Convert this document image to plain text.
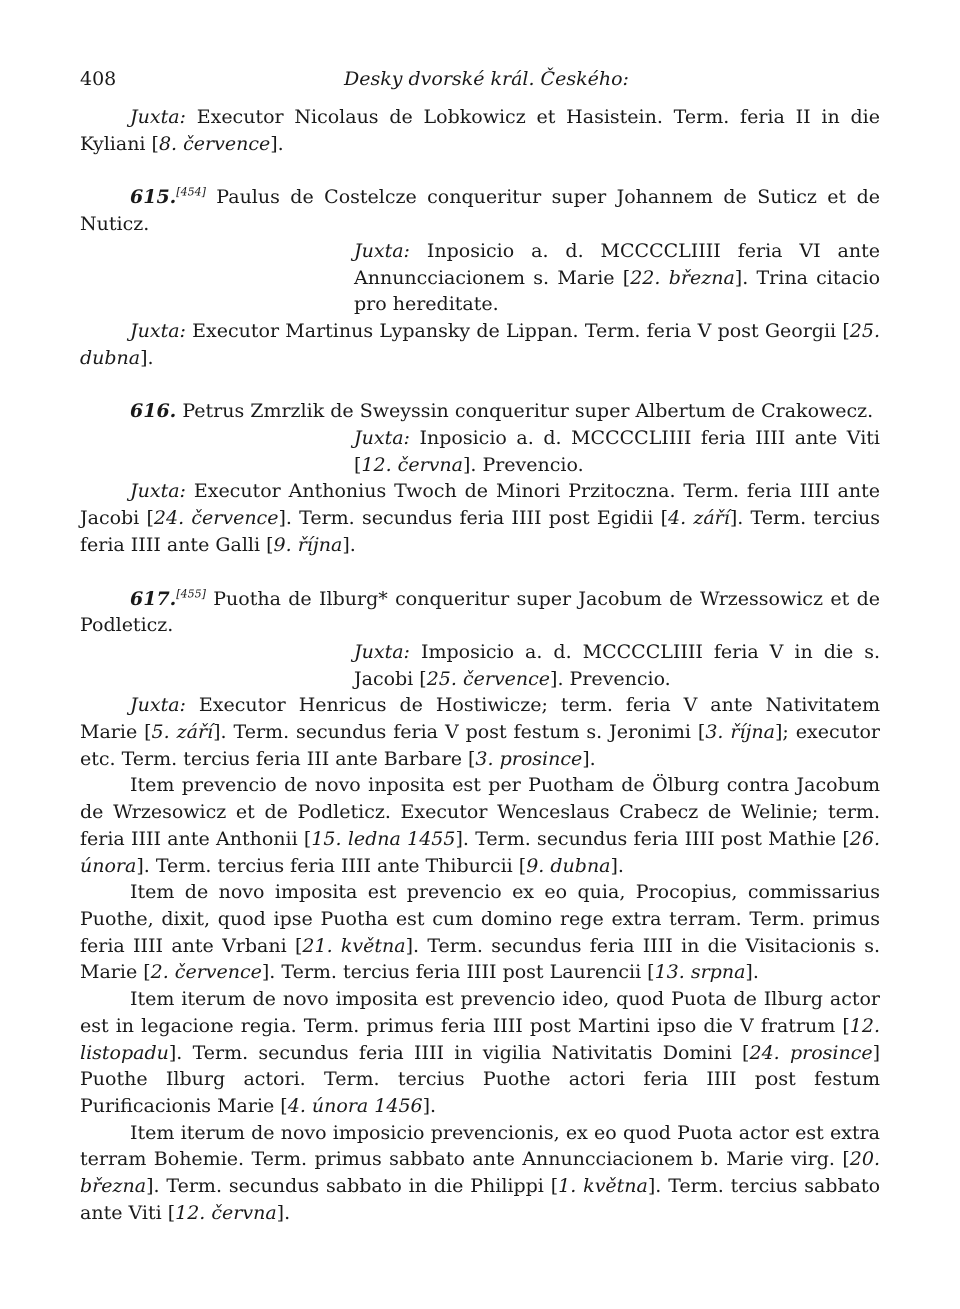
408	Desky dvorské král. Českého:

Juxta: Executor Nicolaus de Lobkowicz et Hasistein. Term. feria II in die Kyliani [8. července].

615.[454] Paulus de Costelcze conqueritur super Johannem de Suticz et de Nuticz.

Juxta: Inposicio a. d. MCCCCLIIII feria VI ante Annuncciacionem s. Marie [22. března]. Trina citacio pro hereditate.

Juxta: Executor Martinus Lypansky de Lippan. Term. feria V post Georgii [25. dubna].

616. Petrus Zmrzlik de Sweyssin conqueritur super Albertum de Crakowecz.

Juxta: Inposicio a. d. MCCCCLIIII feria IIII ante Viti [12. června]. Prevencio.

Juxta: Executor Anthonius Twoch de Minori Przitoczna. Term. feria IIII ante Jacobi [24. července]. Term. secundus feria IIII post Egidii [4. září]. Term. tercius feria IIII ante Galli [9. října].

617.[455] Puotha de Ilburg* conqueritur super Jacobum de Wrzessowicz et de Podleticz.

Juxta: Imposicio a. d. MCCCCLIIII feria V in die s. Jacobi [25. července]. Prevencio.

Juxta: Executor Henricus de Hostiwicze; term. feria V ante Nativitatem Marie [5. září]. Term. secundus feria V post festum s. Jeronimi [3. října]; executor etc. Term. tercius feria III ante Barbare [3. prosince].

Item prevencio de novo inposita est per Puotham de Ölburg contra Jacobum de Wrzesowicz et de Podleticz. Executor Wenceslaus Crabecz de Welinie; term. feria IIII ante Anthonii [15. ledna 1455]. Term. secundus feria IIII post Mathie [26. února]. Term. tercius feria IIII ante Thiburcii [9. dubna].

Item de novo imposita est prevencio ex eo quia, Procopius, commissarius Puothe, dixit, quod ipse Puotha est cum domino rege extra terram. Term. primus feria IIII ante Vrbani [21. května]. Term. secundus feria IIII in die Visitacionis s. Marie [2. července]. Term. tercius feria IIII post Laurencii [13. srpna].

Item iterum de novo imposita est prevencio ideo, quod Puota de Ilburg actor est in legacione regia. Term. primus feria IIII post Martini ipso die V fratrum [12. listopadu]. Term. secundus feria IIII in vigilia Nativitatis Domini [24. prosince] Puothe Ilburg actori. Term. tercius Puothe actori feria IIII post festum Purificacionis Marie [4. února 1456].

Item iterum de novo imposicio prevencionis, ex eo quod Puota actor est extra terram Bohemie. Term. primus sabbato ante Annuncciacionem b. Marie virg. [20. března]. Term. secundus sabbato in die Philippi [1. května]. Term. tercius sabbato ante Viti [12. června].
